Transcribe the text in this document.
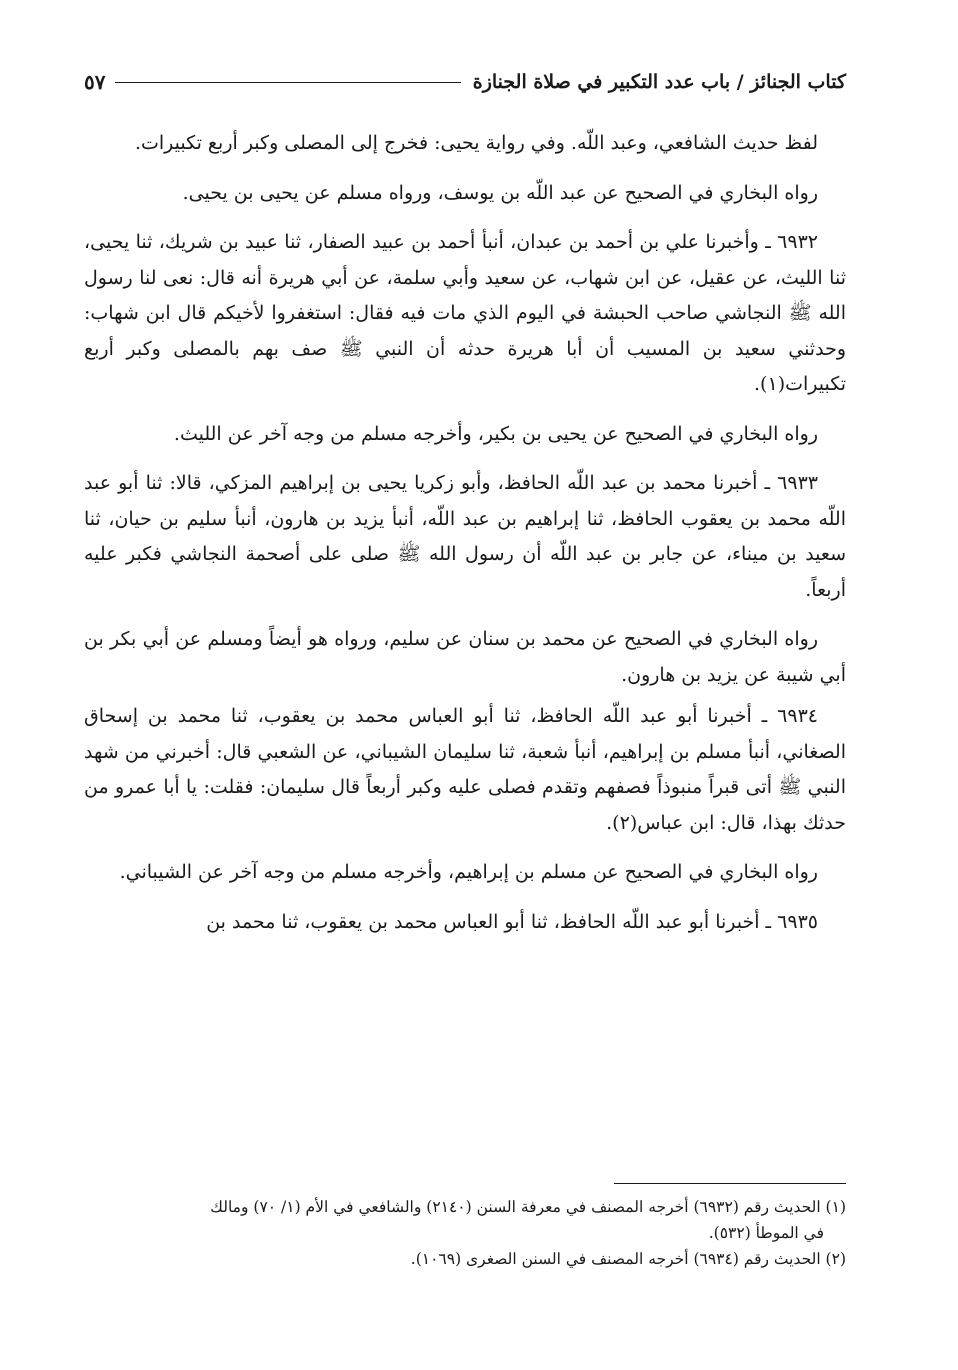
كتاب الجنائز / باب عدد التكبير في صلاة الجنازة
٥٧

لفظ حديث الشافعي، وعبد اللّه. وفي رواية يحيى: فخرج إلى المصلى وكبر أربع تكبيرات.

رواه البخاري في الصحيح عن عبد اللّه بن يوسف، ورواه مسلم عن يحيى بن يحيى.

٦٩٣٢ ـ وأخبرنا علي بن أحمد بن عبدان، أنبأ أحمد بن عبيد الصفار، ثنا عبيد بن شريك، ثنا يحيى، ثنا الليث، عن عقيل، عن ابن شهاب، عن سعيد وأبي سلمة، عن أبي هريرة أنه قال: نعى لنا رسول الله ﷺ النجاشي صاحب الحبشة في اليوم الذي مات فيه فقال: استغفروا لأخيكم قال ابن شهاب: وحدثني سعيد بن المسيب أن أبا هريرة حدثه أن النبي ﷺ صف بهم بالمصلى وكبر أربع تكبيرات(١).

رواه البخاري في الصحيح عن يحيى بن بكير، وأخرجه مسلم من وجه آخر عن الليث.

٦٩٣٣ ـ أخبرنا محمد بن عبد اللّه الحافظ، وأبو زكريا يحيى بن إبراهيم المزكي، قالا: ثنا أبو عبد اللّه محمد بن يعقوب الحافظ، ثنا إبراهيم بن عبد اللّه، أنبأ يزيد بن هارون، أنبأ سليم بن حيان، ثنا سعيد بن ميناء، عن جابر بن عبد اللّه أن رسول الله ﷺ صلى على أصحمة النجاشي فكبر عليه أربعاً.

رواه البخاري في الصحيح عن محمد بن سنان عن سليم، ورواه هو أيضاً ومسلم عن أبي بكر بن أبي شيبة عن يزيد بن هارون.

٦٩٣٤ ـ أخبرنا أبو عبد اللّه الحافظ، ثنا أبو العباس محمد بن يعقوب، ثنا محمد بن إسحاق الصغاني، أنبأ مسلم بن إبراهيم، أنبأ شعبة، ثنا سليمان الشيباني، عن الشعبي قال: أخبرني من شهد النبي ﷺ أتى قبراً منبوذاً فصفهم وتقدم فصلى عليه وكبر أربعاً قال سليمان: فقلت: يا أبا عمرو من حدثك بهذا، قال: ابن عباس(٢).

رواه البخاري في الصحيح عن مسلم بن إبراهيم، وأخرجه مسلم من وجه آخر عن الشيباني.

٦٩٣٥ ـ أخبرنا أبو عبد اللّه الحافظ، ثنا أبو العباس محمد بن يعقوب، ثنا محمد بن

(١) الحديث رقم (٦٩٣٢) أخرجه المصنف في معرفة السنن (٢١٤٠) والشافعي في الأم (١/ ٧٠) ومالك
في الموطأ (٥٣٢).

(٢) الحديث رقم (٦٩٣٤) أخرجه المصنف في السنن الصغرى (١٠٦٩).
